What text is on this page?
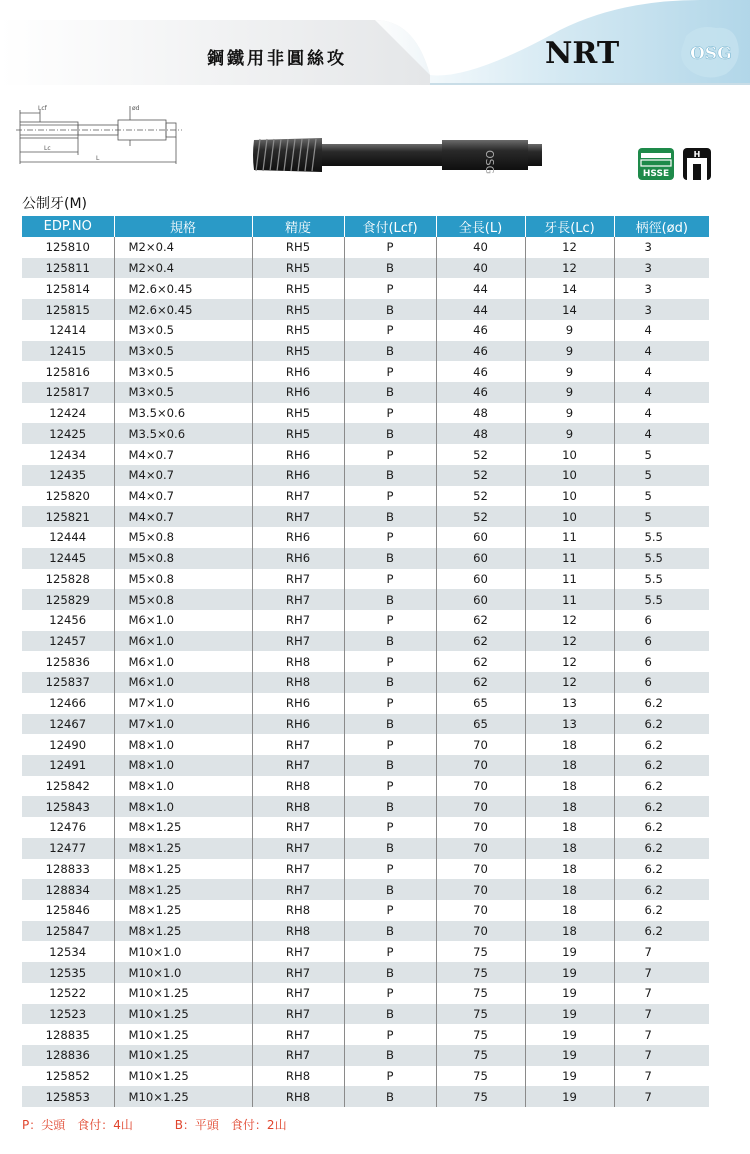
鋼鐵用非圓絲攻	NRT	OSG
Lcf
Lc
L
ød
OSG	HSSE
H
公制牙(M)
EDP.NO	規格	精度	食付(Lcf)	全長(L)	牙長(Lc)	柄徑(ød)
125810	M2×0.4	RH5	P	40	12	3
125811	M2×0.4	RH5	B	40	12	3
125814	M2.6×0.45	RH5	P	44	14	3
125815	M2.6×0.45	RH5	B	44	14	3
12414	M3×0.5	RH5	P	46	9	4
12415	M3×0.5	RH5	B	46	9	4
125816	M3×0.5	RH6	P	46	9	4
125817	M3×0.5	RH6	B	46	9	4
12424	M3.5×0.6	RH5	P	48	9	4
12425	M3.5×0.6	RH5	B	48	9	4
12434	M4×0.7	RH6	P	52	10	5
12435	M4×0.7	RH6	B	52	10	5
125820	M4×0.7	RH7	P	52	10	5
125821	M4×0.7	RH7	B	52	10	5
12444	M5×0.8	RH6	P	60	11	5.5
12445	M5×0.8	RH6	B	60	11	5.5
125828	M5×0.8	RH7	P	60	11	5.5
125829	M5×0.8	RH7	B	60	11	5.5
12456	M6×1.0	RH7	P	62	12	6
12457	M6×1.0	RH7	B	62	12	6
125836	M6×1.0	RH8	P	62	12	6
125837	M6×1.0	RH8	B	62	12	6
12466	M7×1.0	RH6	P	65	13	6.2
12467	M7×1.0	RH6	B	65	13	6.2
12490	M8×1.0	RH7	P	70	18	6.2
12491	M8×1.0	RH7	B	70	18	6.2
125842	M8×1.0	RH8	P	70	18	6.2
125843	M8×1.0	RH8	B	70	18	6.2
12476	M8×1.25	RH7	P	70	18	6.2
12477	M8×1.25	RH7	B	70	18	6.2
128833	M8×1.25	RH7	P	70	18	6.2
128834	M8×1.25	RH7	B	70	18	6.2
125846	M8×1.25	RH8	P	70	18	6.2
125847	M8×1.25	RH8	B	70	18	6.2
12534	M10×1.0	RH7	P	75	19	7
12535	M10×1.0	RH7	B	75	19	7
12522	M10×1.25	RH7	P	75	19	7
12523	M10×1.25	RH7	B	75	19	7
128835	M10×1.25	RH7	P	75	19	7
128836	M10×1.25	RH7	B	75	19	7
125852	M10×1.25	RH8	P	75	19	7
125853	M10×1.25	RH8	B	75	19	7
P：尖頭　食付：4山	B：平頭　食付：2山
